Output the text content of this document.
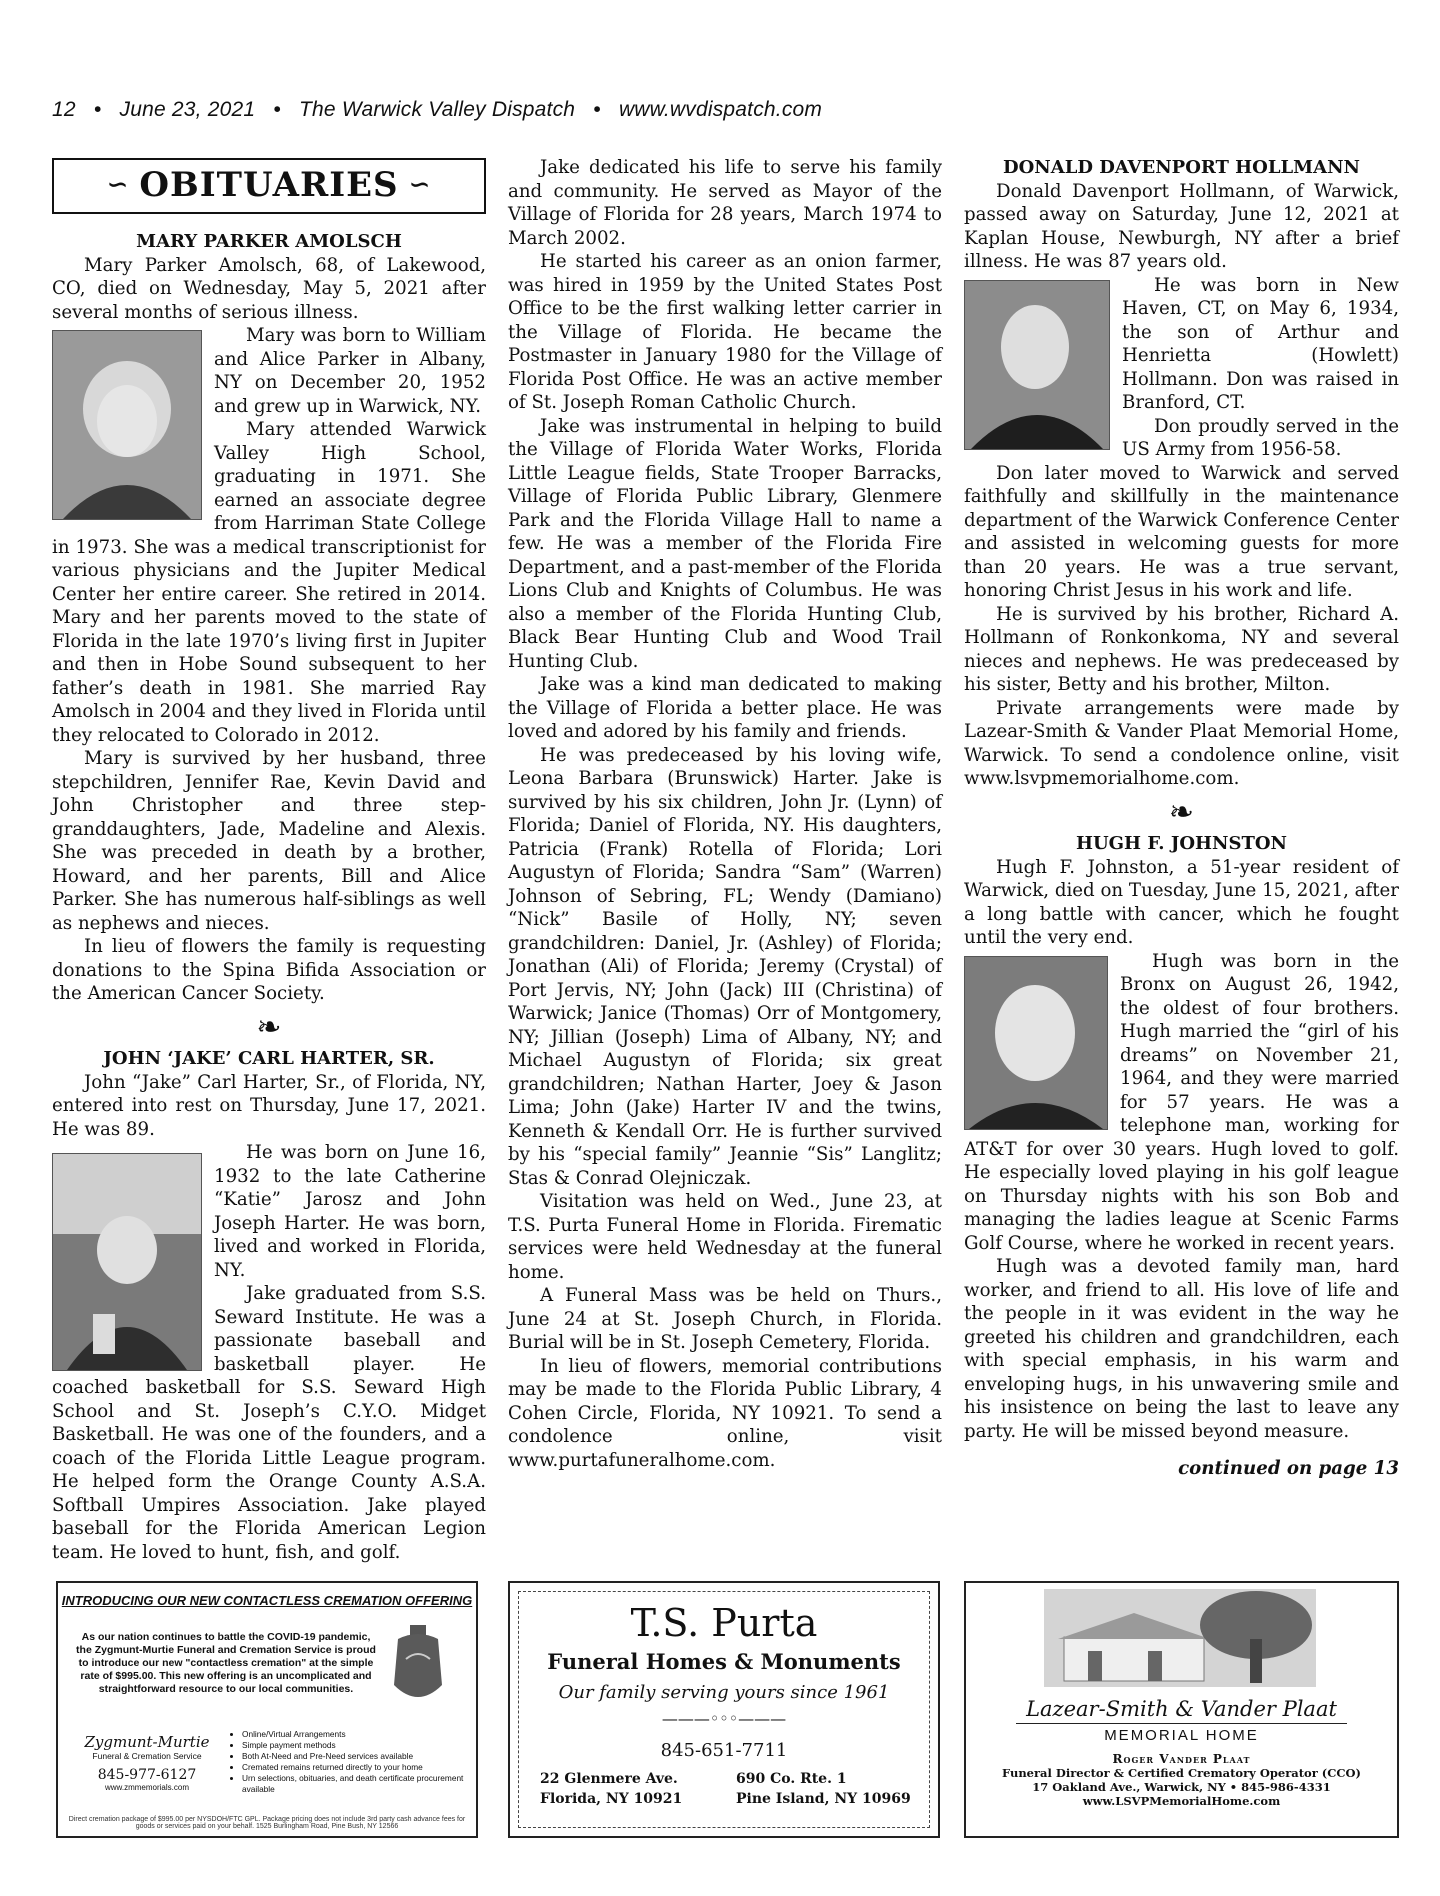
12   •   June 23, 2021   •   The Warwick Valley Dispatch   •   www.wvdispatch.com
∽ OBITUARIES ∽
MARY PARKER AMOLSCH

Mary Parker Amolsch, 68, of Lakewood, CO, died on Wednesday, May 5, 2021 after several months of serious illness.

Mary was born to William and Alice Parker in Albany, NY on December 20, 1952 and grew up in Warwick, NY.

Mary attended Warwick Valley High School, graduating in 1971. She earned an associate degree from Harriman State College in 1973. She was a medical transcriptionist for various physicians and the Jupiter Medical Center her entire career. She retired in 2014. Mary and her parents moved to the state of Florida in the late 1970’s living first in Jupiter and then in Hobe Sound subsequent to her father’s death in 1981. She married Ray Amolsch in 2004 and they lived in Florida until they relocated to Colorado in 2012.

Mary is survived by her husband, three stepchildren, Jennifer Rae, Kevin David and John Christopher and three step-granddaughters, Jade, Madeline and Alexis. She was preceded in death by a brother, Howard, and her parents, Bill and Alice Parker. She has numerous half-siblings as well as nephews and nieces.

In lieu of flowers the family is requesting donations to the Spina Bifida Association or the American Cancer Society.

❧
JOHN ‘JAKE’ CARL HARTER, SR.

John “Jake” Carl Harter, Sr., of Florida, NY, entered into rest on Thursday, June 17, 2021. He was 89.

He was born on June 16, 1932 to the late Catherine “Katie” Jarosz and John Joseph Harter. He was born, lived and worked in Florida, NY.

Jake graduated from S.S. Seward Institute. He was a passionate baseball and basketball player. He coached basketball for S.S. Seward High School and St. Joseph’s C.Y.O. Midget Basketball. He was one of the founders, and a coach of the Florida Little League program. He helped form the Orange County A.S.A. Softball Umpires Association. Jake played baseball for the Florida American Legion team. He loved to hunt, fish, and golf.

Jake dedicated his life to serve his family and community. He served as Mayor of the Village of Florida for 28 years, March 1974 to March 2002.

He started his career as an onion farmer, was hired in 1959 by the United States Post Office to be the first walking letter carrier in the Village of Florida. He became the Postmaster in January 1980 for the Village of Florida Post Office. He was an active member of St. Joseph Roman Catholic Church.

Jake was instrumental in helping to build the Village of Florida Water Works, Florida Little League fields, State Trooper Barracks, Village of Florida Public Library, Glenmere Park and the Florida Village Hall to name a few. He was a member of the Florida Fire Department, and a past-member of the Florida Lions Club and Knights of Columbus. He was also a member of the Florida Hunting Club, Black Bear Hunting Club and Wood Trail Hunting Club.

Jake was a kind man dedicated to making the Village of Florida a better place. He was loved and adored by his family and friends.

He was predeceased by his loving wife, Leona Barbara (Brunswick) Harter. Jake is survived by his six children, John Jr. (Lynn) of Florida; Daniel of Florida, NY. His daughters, Patricia (Frank) Rotella of Florida; Lori Augustyn of Florida; Sandra “Sam” (Warren) Johnson of Sebring, FL; Wendy (Damiano) “Nick” Basile of Holly, NY; seven grandchildren: Daniel, Jr. (Ashley) of Florida; Jonathan (Ali) of Florida; Jeremy (Crystal) of Port Jervis, NY; John (Jack) III (Christina) of Warwick; Janice (Thomas) Orr of Montgomery, NY; Jillian (Joseph) Lima of Albany, NY; and Michael Augustyn of Florida; six great grandchildren; Nathan Harter, Joey & Jason Lima; John (Jake) Harter IV and the twins, Kenneth & Kendall Orr. He is further survived by his “special family” Jeannie “Sis” Langlitz; Stas & Conrad Olejniczak.

Visitation was held on Wed., June 23, at T.S. Purta Funeral Home in Florida. Firematic services were held Wednesday at the funeral home.

A Funeral Mass was be held on Thurs., June 24 at St. Joseph Church, in Florida. Burial will be in St. Joseph Cemetery, Florida.

In lieu of flowers, memorial contributions may be made to the Florida Public Library, 4 Cohen Circle, Florida, NY 10921. To send a condolence online, visit www.purtafuneralhome.com.

DONALD DAVENPORT HOLLMANN

Donald Davenport Hollmann, of Warwick, passed away on Saturday, June 12, 2021 at Kaplan House, Newburgh, NY after a brief illness. He was 87 years old.

He was born in New Haven, CT, on May 6, 1934, the son of Arthur and Henrietta (Howlett) Hollmann. Don was raised in Branford, CT.

Don proudly served in the US Army from 1956-58.

Don later moved to Warwick and served faithfully and skillfully in the maintenance department of the Warwick Conference Center and assisted in welcoming guests for more than 20 years. He was a true servant, honoring Christ Jesus in his work and life.

He is survived by his brother, Richard A. Hollmann of Ronkonkoma, NY and several nieces and nephews. He was predeceased by his sister, Betty and his brother, Milton.

Private arrangements were made by Lazear-Smith & Vander Plaat Memorial Home, Warwick. To send a condolence online, visit www.lsvpmemorialhome.com.

❧
HUGH F. JOHNSTON

Hugh F. Johnston, a 51-year resident of Warwick, died on Tuesday, June 15, 2021, after a long battle with cancer, which he fought until the very end.

Hugh was born in the Bronx on August 26, 1942, the oldest of four brothers. Hugh married the “girl of his dreams” on November 21, 1964, and they were married for 57 years. He was a telephone man, working for AT&T for over 30 years. Hugh loved to golf. He especially loved playing in his golf league on Thursday nights with his son Bob and managing the ladies league at Scenic Farms Golf Course, where he worked in recent years.

Hugh was a devoted family man, hard worker, and friend to all. His love of life and the people in it was evident in the way he greeted his children and grandchildren, each with special emphasis, in his warm and enveloping hugs, in his unwavering smile and his insistence on being the last to leave any party. He will be missed beyond measure.

continued on page 13
INTRODUCING OUR NEW CONTACTLESS CREMATION OFFERING
As our nation continues to battle the COVID-19 pandemic, the Zygmunt-Murtie Funeral and Cremation Service is proud to introduce our new "contactless cremation" at the simple rate of $995.00. This new offering is an uncomplicated and straightforward resource to our local communities.
Zygmunt-Murtie
Funeral & Cremation Service
845-977-6127
www.zmmemorials.com
• Online/Virtual Arrangements
• Simple payment methods
• Both At-Need and Pre-Need services available
• Cremated remains returned directly to your home
• Urn selections, obituaries, and death certificate procurement available
Direct cremation package of $995.00 per NYSDOH/FTC GPL. Package pricing does not include 3rd party cash advance fees for goods or services paid on your behalf. 1525 Burlingham Road, Pine Bush, NY 12566
T.S. Purta
Funeral Homes & Monuments
Our family serving yours since 1961
———◦◦◦———
845-651-7711
22 Glenmere Ave.
Florida, NY 10921
690 Co. Rte. 1
Pine Island, NY 10969
Lazear-Smith & Vander Plaat
MEMORIAL HOME
Roger Vander Plaat
Funeral Director & Certified Crematory Operator (CCO)
17 Oakland Ave., Warwick, NY • 845-986-4331
www.LSVPMemorialHome.com
